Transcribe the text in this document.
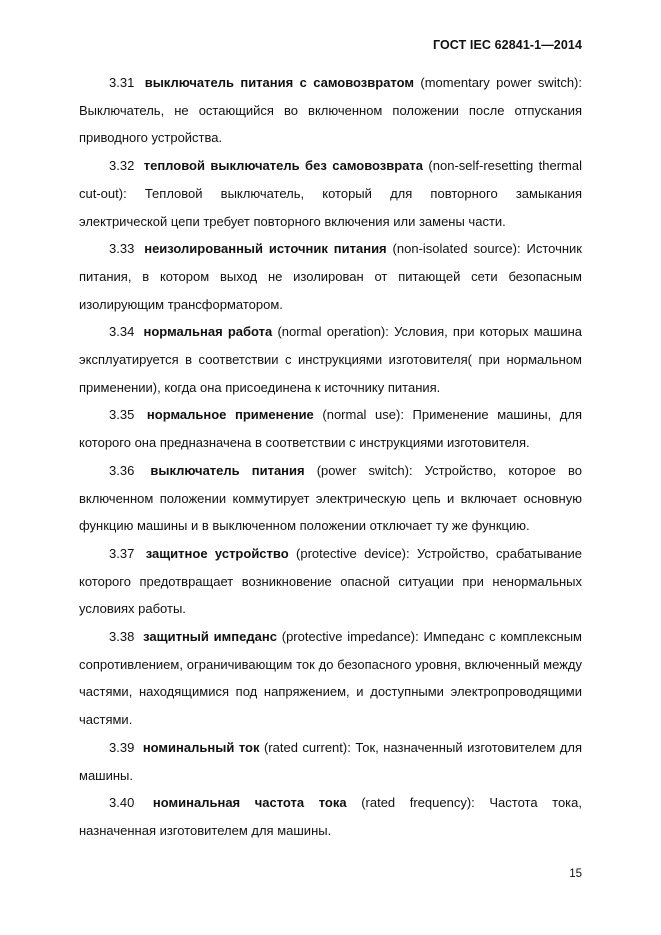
ГОСТ IEC 62841-1—2014

3.31 выключатель питания с самовозвратом (momentary power switch): Выключатель, не остающийся во включенном положении после отпускания приводного устройства.

3.32 тепловой выключатель без самовозврата (non-self-resetting thermal cut-out): Тепловой выключатель, который для повторного замыкания электрической цепи требует повторного включения или замены части.

3.33 неизолированный источник питания (non-isolated source): Источник питания, в котором выход не изолирован от питающей сети безопасным изолирующим трансформатором.

3.34 нормальная работа (normal operation): Условия, при которых машина эксплуатируется в соответствии с инструкциями изготовителя( при нормальном применении), когда она присоединена к источнику питания.

3.35 нормальное применение (normal use): Применение машины, для которого она предназначена в соответствии с инструкциями изготовителя.

3.36 выключатель питания (power switch): Устройство, которое во включенном положении коммутирует электрическую цепь и включает основную функцию машины и в выключенном положении отключает ту же функцию.

3.37 защитное устройство (protective device): Устройство, срабатывание которого предотвращает возникновение опасной ситуации при ненормальных условиях работы.

3.38 защитный импеданс (protective impedance): Импеданс с комплексным сопротивлением, ограничивающим ток до безопасного уровня, включенный между частями, находящимися под напряжением, и доступными электропроводящими частями.

3.39 номинальный ток (rated current): Ток, назначенный изготовителем для машины.

3.40 номинальная частота тока (rated frequency): Частота тока, назначенная изготовителем для машины.

15
